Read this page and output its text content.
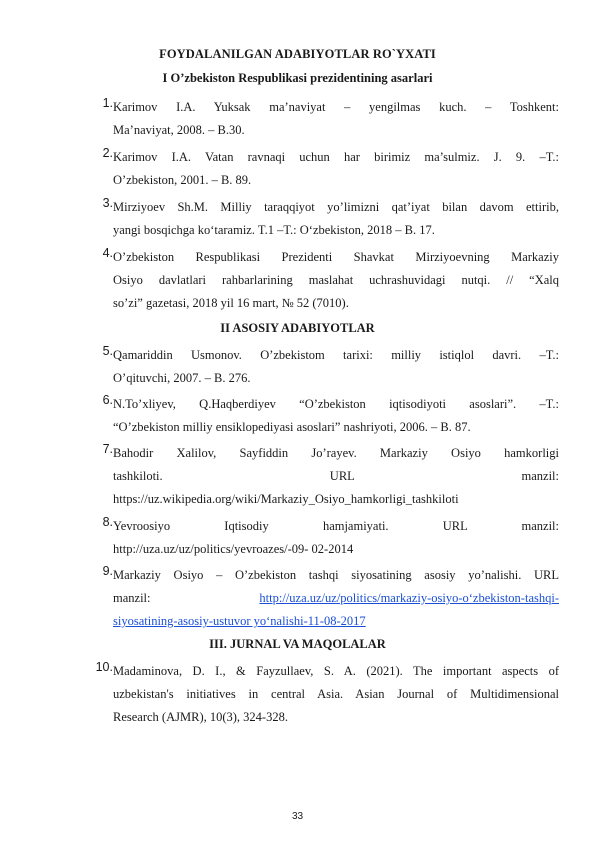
FOYDALANILGAN ADABIYOTLAR RO`YXATI
I O’zbekiston Respublikasi prezidentining asarlari
1. Karimov I.A. Yuksak ma’naviyat – yengilmas kuch. – Toshkent:
Ma’naviyat, 2008. – B.30.
2. Karimov I.A. Vatan ravnaqi uchun har birimiz ma’sulmiz. J. 9. –T.:
O’zbekiston, 2001. – B. 89.
3. Mirziyoev Sh.M. Milliy taraqqiyot yo’limizni qat’iyat bilan davom ettirib,
yangi bosqichga ko‘taramiz. T.1 –T.: O‘zbekiston, 2018 – B. 17.
4. O’zbekiston Respublikasi Prezidenti Shavkat Mirziyoevning Markaziy
Osiyo davlatlari rahbarlarining maslahat uchrashuvidagi nutqi. // “Xalq
so’zi” gazetasi, 2018 yil 16 mart, № 52 (7010).
II ASOSIY ADABIYOTLAR
5. Qamariddin Usmonov. O’zbekistom tarixi: milliy istiqlol davri. –T.:
O’qituvchi, 2007. – B. 276.
6. N.To’xliyev, Q.Haqberdiyev “O’zbekiston iqtisodiyoti asoslari”. –T.:
“O’zbekiston milliy ensiklopediyasi asoslari” nashriyoti, 2006. – B. 87.
7. Bahodir Xalilov, Sayfiddin Jo’rayev. Markaziy Osiyo hamkorligi
tashkiloti. URL manzil:
https://uz.wikipedia.org/wiki/Markaziy_Osiyo_hamkorligi_tashkiloti
8. Yevroosiyo Iqtisodiy hamjamiyati. URL manzil:
http://uza.uz/uz/politics/yevroazes/-09- 02-2014
9. Markaziy Osiyo – O’zbekiston tashqi siyosatining asosiy yo’nalishi. URL
manzil:	http://uza.uz/uz/politics/markaziy-osiyo-o‘zbekiston-tashqi-
siyosatining-asosiy-ustuvor yo‘nalishi-11-08-2017
III. JURNAL VA MAQOLALAR
10. Madaminova, D. I., & Fayzullaev, S. A. (2021). The important aspects of
uzbekistan's initiatives in central Asia. Asian Journal of Multidimensional
Research (AJMR), 10(3), 324-328.
33
